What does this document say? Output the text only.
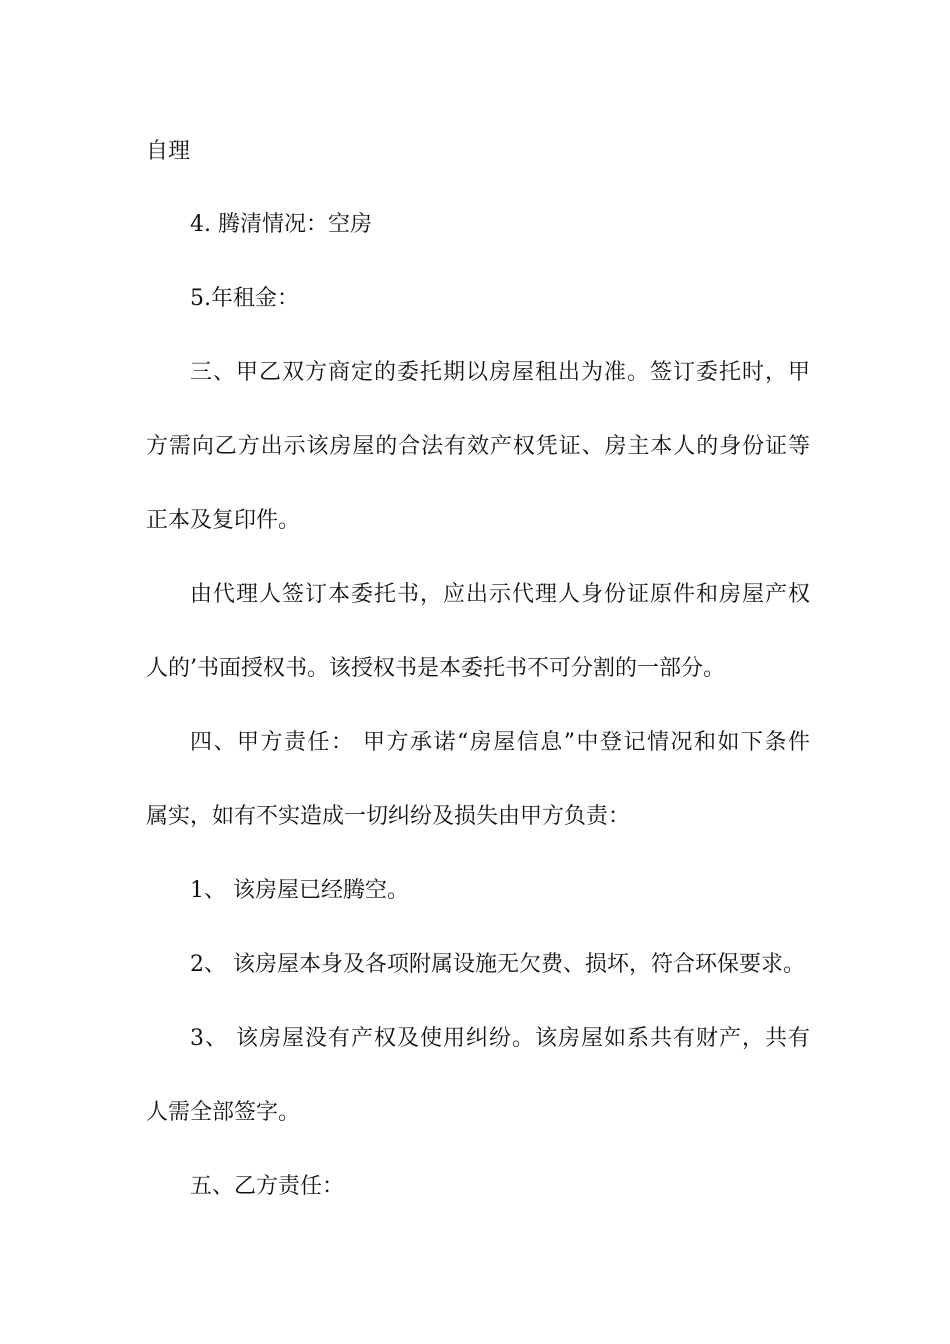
自理
4. 腾清情况：空房
5.年租金：
三、甲乙双方商定的委托期以房屋租出为准。签订委托时，甲
方需向乙方出示该房屋的合法有效产权凭证、房主本人的身份证等
正本及复印件。
由代理人签订本委托书，应出示代理人身份证原件和房屋产权
人的’书面授权书。该授权书是本委托书不可分割的一部分。
四、甲方责任： 甲方承诺“房屋信息”中登记情况和如下条件
属实，如有不实造成一切纠纷及损失由甲方负责：
1、 该房屋已经腾空。
2、 该房屋本身及各项附属设施无欠费、损坏，符合环保要求。
3、 该房屋没有产权及使用纠纷。该房屋如系共有财产，共有
人需全部签字。
五、乙方责任：
